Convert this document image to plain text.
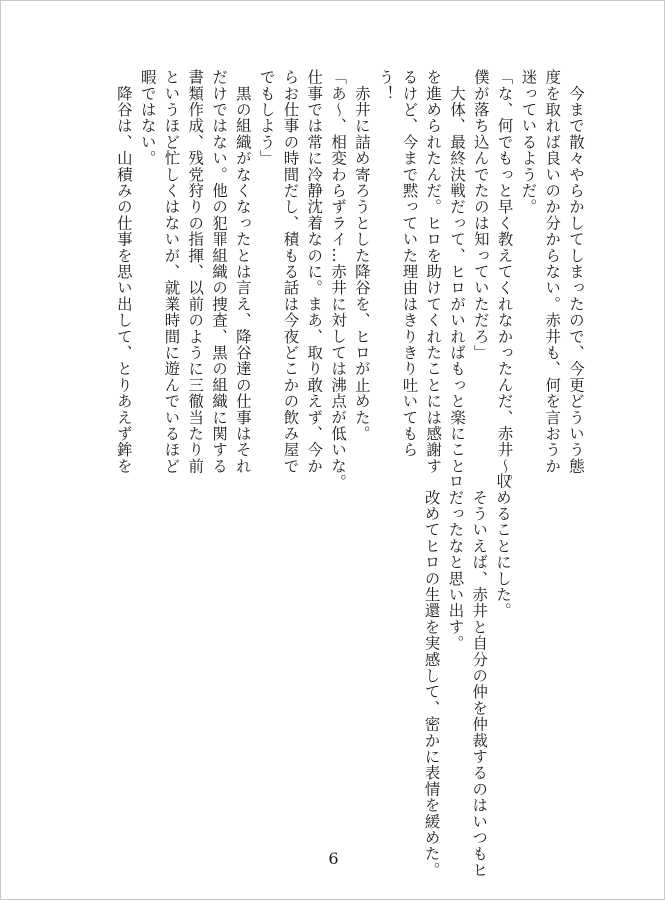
　今まで散々やらかしてしまったので、今更どういう態
度を取れば良いのか分からない。赤井も、何を言おうか
迷っているようだ。
「な、何でもっと早く教えてくれなかったんだ、赤井〜。
僕が落ち込んでたのは知っていただろ」
　大体、最終決戦だって、ヒロがいればもっと楽にこと
を進められたんだ。ヒロを助けてくれたことには感謝す
るけど、今まで黙っていた理由はきりきり吐いてもら
う！
　赤井に詰め寄ろうとした降谷を、ヒロが止めた。
「あ〜、相変わらずライ…赤井に対しては沸点が低いな。
仕事では常に冷静沈着なのに。まあ、取り敢えず、今か
らお仕事の時間だし、積もる話は今夜どこかの飲み屋で
でもしよう」
　黒の組織がなくなったとは言え、降谷達の仕事はそれ
だけではない。他の犯罪組織の捜査、黒の組織に関する
書類作成、残党狩りの指揮、以前のように三徹当たり前
というほど忙しくはないが、就業時間に遊んでいるほど
暇ではない。
　降谷は、山積みの仕事を思い出して、とりあえず鉾を
収めることにした。
　そういえば、赤井と自分の仲を仲裁するのはいつもヒ
ロだったなと思い出す。
　改めてヒロの生還を実感して、密かに表情を緩めた。
6
